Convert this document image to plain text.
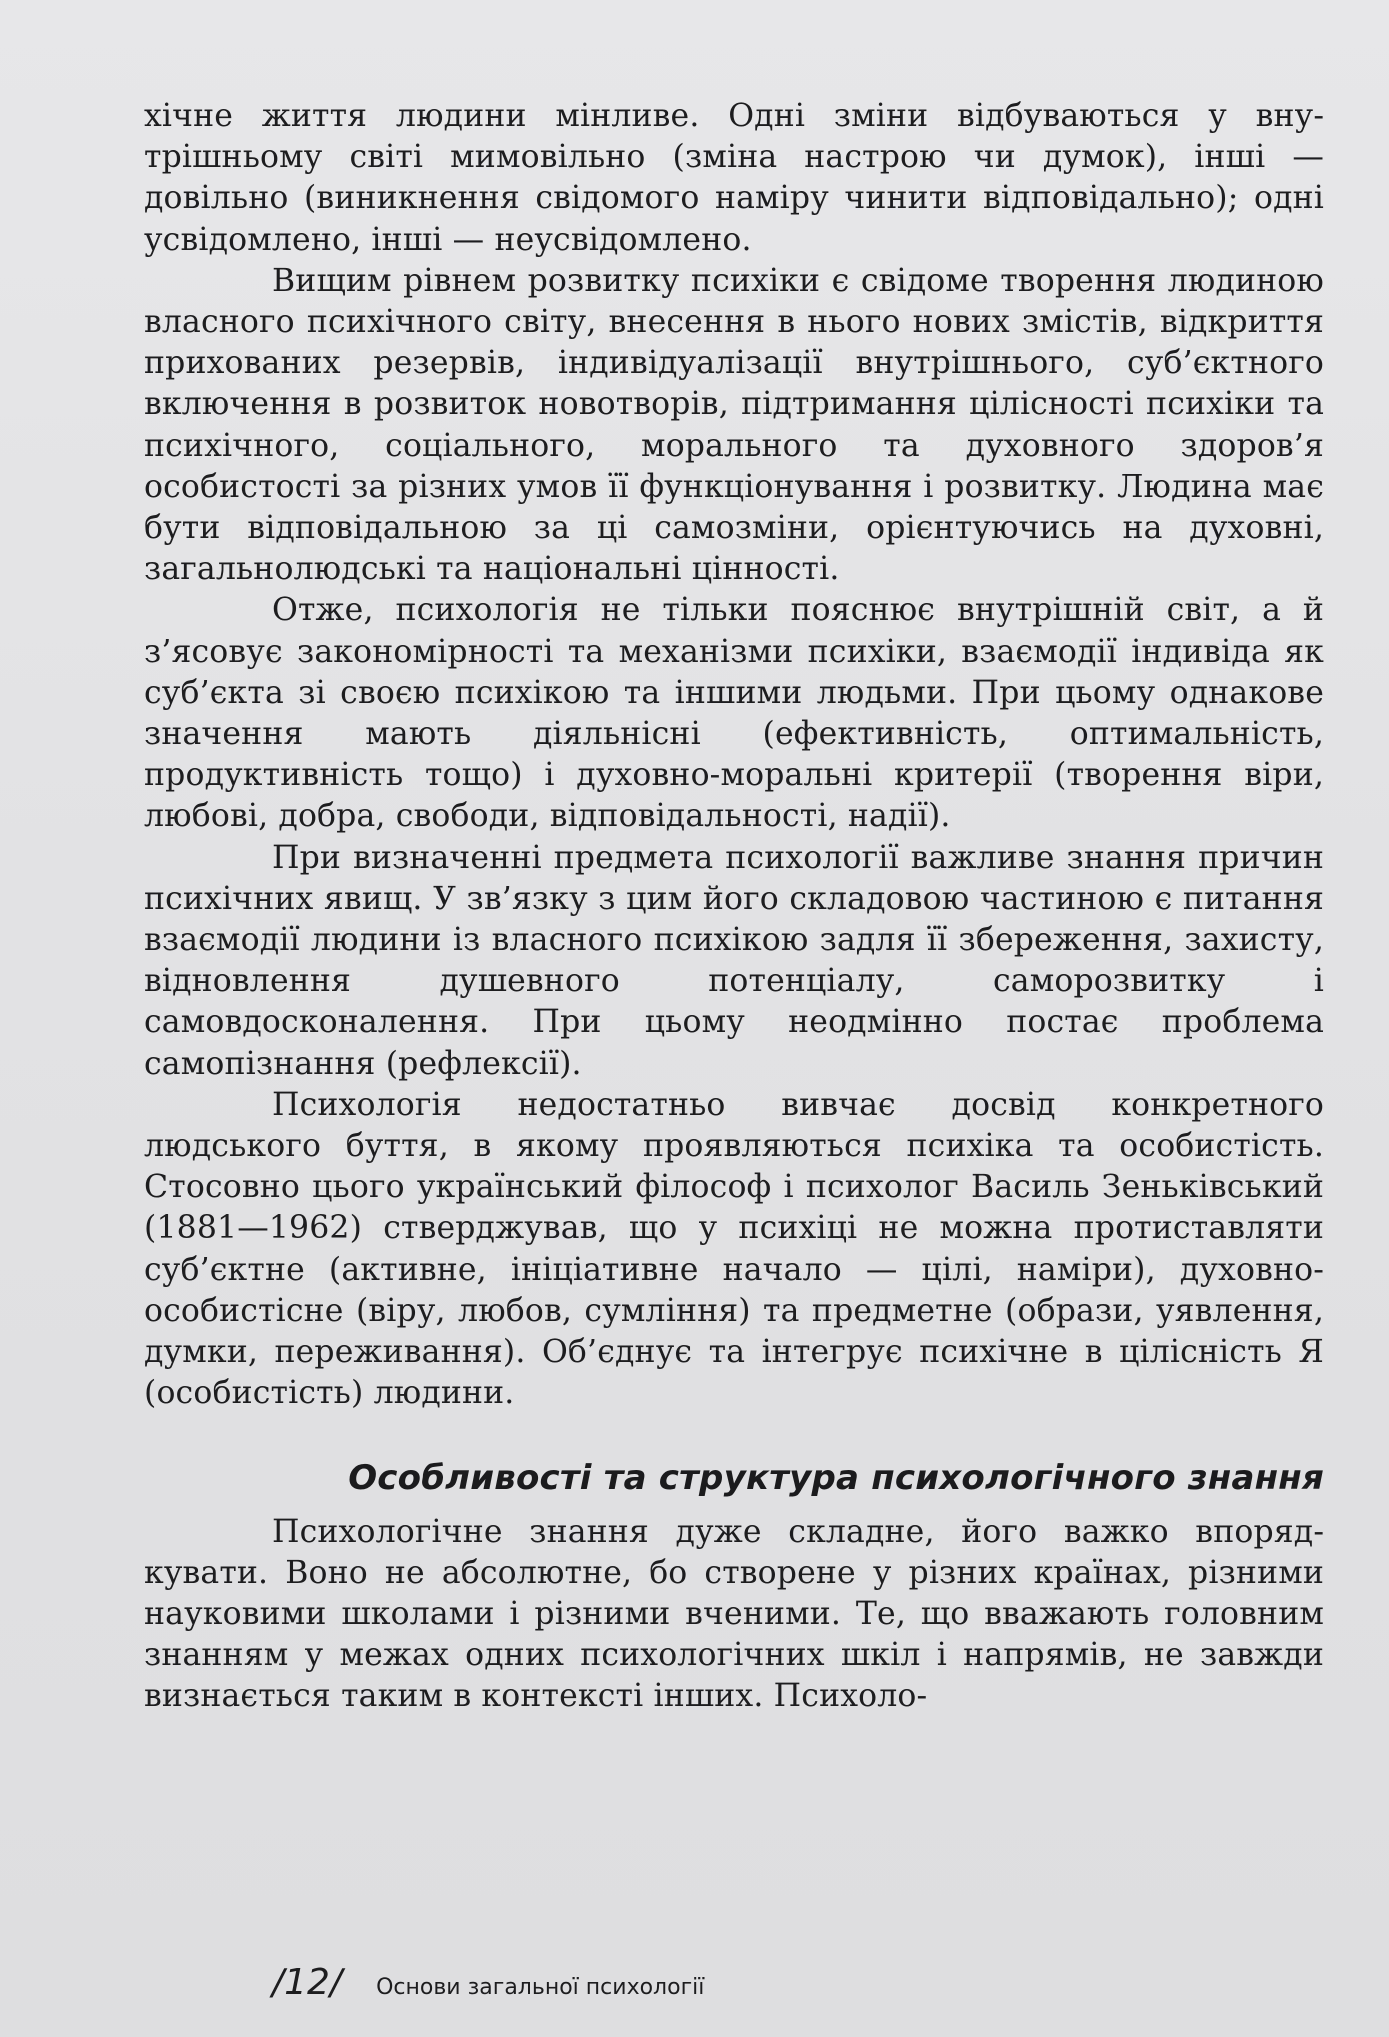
хічне життя людини мінливе. Одні зміни відбуваються у внутрішньому світі мимовільно (зміна настрою чи думок), інші — довільно (виникнення свідомого наміру чинити відповідально); одні усвідомлено, інші — неусвідомлено.

Вищим рівнем розвитку психіки є свідоме творення людиною власного психічного світу, внесення в нього нових змістів, відкриття прихованих резервів, індивідуалізації внутрішнього, суб’єктного включення в розвиток новотворів, підтримання цілісності психіки та психічного, соціального, морального та духовного здоров’я особистості за різних умов її функціонування і розвитку. Людина має бути відповідальною за ці самозміни, орієнтуючись на духовні, загальнолюдські та національні цінності.

Отже, психологія не тільки пояснює внутрішній світ, а й з’ясовує закономірності та механізми психіки, взаємодії індивіда як суб’єкта зі своєю психікою та іншими людьми. При цьому однакове значення мають діяльнісні (ефективність, оптимальність, продуктивність тощо) і духовно-моральні критерії (творення віри, любові, добра, свободи, відповідальності, надії).

При визначенні предмета психології важливе знання причин психічних явищ. У зв’язку з цим його складовою частиною є питання взаємодії людини із власного психікою задля її збереження, захисту, відновлення душевного потенціалу, саморозвитку і самовдосконалення. При цьому неодмінно постає проблема самопізнання (рефлексії).

Психологія недостатньо вивчає досвід конкретного людського буття, в якому проявляються психіка та особистість. Стосовно цього український філософ і психолог Василь Зеньківський (1881—1962) стверджував, що у психіці не можна протиставляти суб’єктне (активне, ініціативне начало — цілі, наміри), духовно-особистісне (віру, любов, сумління) та предметне (образи, уявлення, думки, переживання). Об’єднує та інтегрує психічне в цілісність Я (особистість) людини.

Особливості та структура психологічного знання

Психологічне знання дуже складне, його важко впорядкувати. Воно не абсолютне, бо створене у різних країнах, різними науковими школами і різними вченими. Те, що вважають головним знанням у межах одних психологічних шкіл і напрямів, не завжди визнається таким в контексті інших. Психоло-

/12/ Основи загальної психології
